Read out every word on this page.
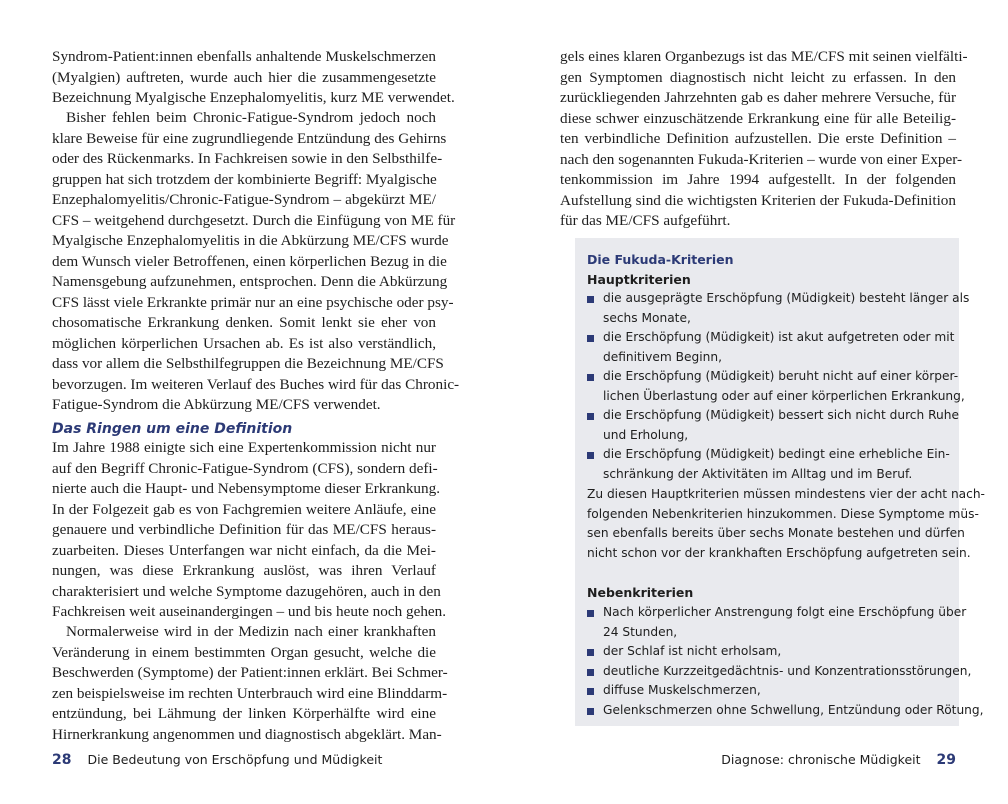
Syndrom-Patient:innen ebenfalls anhaltende Muskelschmerzen
(Myalgien) auftreten, wurde auch hier die zusammengesetzte
Bezeichnung Myalgische Enzephalomyelitis, kurz ME verwendet.
Bisher fehlen beim Chronic-Fatigue-Syndrom jedoch noch
klare Beweise für eine zugrundliegende Entzündung des Gehirns
oder des Rückenmarks. In Fachkreisen sowie in den Selbsthilfe-
gruppen hat sich trotzdem der kombinierte Begriff: Myalgische
Enzephalomyelitis/Chronic-Fatigue-Syndrom – abgekürzt ME/
CFS – weitgehend durchgesetzt. Durch die Einfügung von ME für
Myalgische Enzephalomyelitis in die Abkürzung ME/CFS wurde
dem Wunsch vieler Betroffenen, einen körperlichen Bezug in die
Namensgebung aufzunehmen, entsprochen. Denn die Abkürzung
CFS lässt viele Erkrankte primär nur an eine psychische oder psy-
chosomatische Erkrankung denken. Somit lenkt sie eher von
möglichen körperlichen Ursachen ab. Es ist also verständlich,
dass vor allem die Selbsthilfegruppen die Bezeichnung ME/CFS
bevorzugen. Im weiteren Verlauf des Buches wird für das Chronic-
Fatigue-Syndrom die Abkürzung ME/CFS verwendet.
Das Ringen um eine Definition
Im Jahre 1988 einigte sich eine Expertenkommission nicht nur
auf den Begriff Chronic-Fatigue-Syndrom (CFS), sondern defi-
nierte auch die Haupt- und Nebensymptome dieser Erkrankung.
In der Folgezeit gab es von Fachgremien weitere Anläufe, eine
genauere und verbindliche Definition für das ME/CFS heraus-
zuarbeiten. Dieses Unterfangen war nicht einfach, da die Mei-
nungen, was diese Erkrankung auslöst, was ihren Verlauf
charakterisiert und welche Symptome dazugehören, auch in den
Fachkreisen weit auseinandergingen – und bis heute noch gehen.
Normalerweise wird in der Medizin nach einer krankhaften
Veränderung in einem bestimmten Organ gesucht, welche die
Beschwerden (Symptome) der Patient:innen erklärt. Bei Schmer-
zen beispielsweise im rechten Unterbrauch wird eine Blinddarm-
entzündung, bei Lähmung der linken Körperhälfte wird eine
Hirnerkrankung angenommen und diagnostisch abgeklärt. Man-
28 Die Bedeutung von Erschöpfung und Müdigkeit
gels eines klaren Organbezugs ist das ME/CFS mit seinen vielfälti-
gen Symptomen diagnostisch nicht leicht zu erfassen. In den
zurückliegenden Jahrzehnten gab es daher mehrere Versuche, für
diese schwer einzuschätzende Erkrankung eine für alle Beteilig-
ten verbindliche Definition aufzustellen. Die erste Definition –
nach den sogenannten Fukuda-Kriterien – wurde von einer Exper-
tenkommission im Jahre 1994 aufgestellt. In der folgenden
Aufstellung sind die wichtigsten Kriterien der Fukuda-Definition
für das ME/CFS aufgeführt.
Die Fukuda-Kriterien
Hauptkriterien
die ausgeprägte Erschöpfung (Müdigkeit) besteht länger als
sechs Monate,
die Erschöpfung (Müdigkeit) ist akut aufgetreten oder mit
definitivem Beginn,
die Erschöpfung (Müdigkeit) beruht nicht auf einer körper-
lichen Überlastung oder auf einer körperlichen Erkrankung,
die Erschöpfung (Müdigkeit) bessert sich nicht durch Ruhe
und Erholung,
die Erschöpfung (Müdigkeit) bedingt eine erhebliche Ein-
schränkung der Aktivitäten im Alltag und im Beruf.
Zu diesen Hauptkriterien müssen mindestens vier der acht nach-
folgenden Nebenkriterien hinzukommen. Diese Symptome müs-
sen ebenfalls bereits über sechs Monate bestehen und dürfen
nicht schon vor der krankhaften Erschöpfung aufgetreten sein.
Nebenkriterien
Nach körperlicher Anstrengung folgt eine Erschöpfung über
24 Stunden,
der Schlaf ist nicht erholsam,
deutliche Kurzzeitgedächtnis- und Konzentrationsstörungen,
diffuse Muskelschmerzen,
Gelenkschmerzen ohne Schwellung, Entzündung oder Rötung,
Diagnose: chronische Müdigkeit 29
